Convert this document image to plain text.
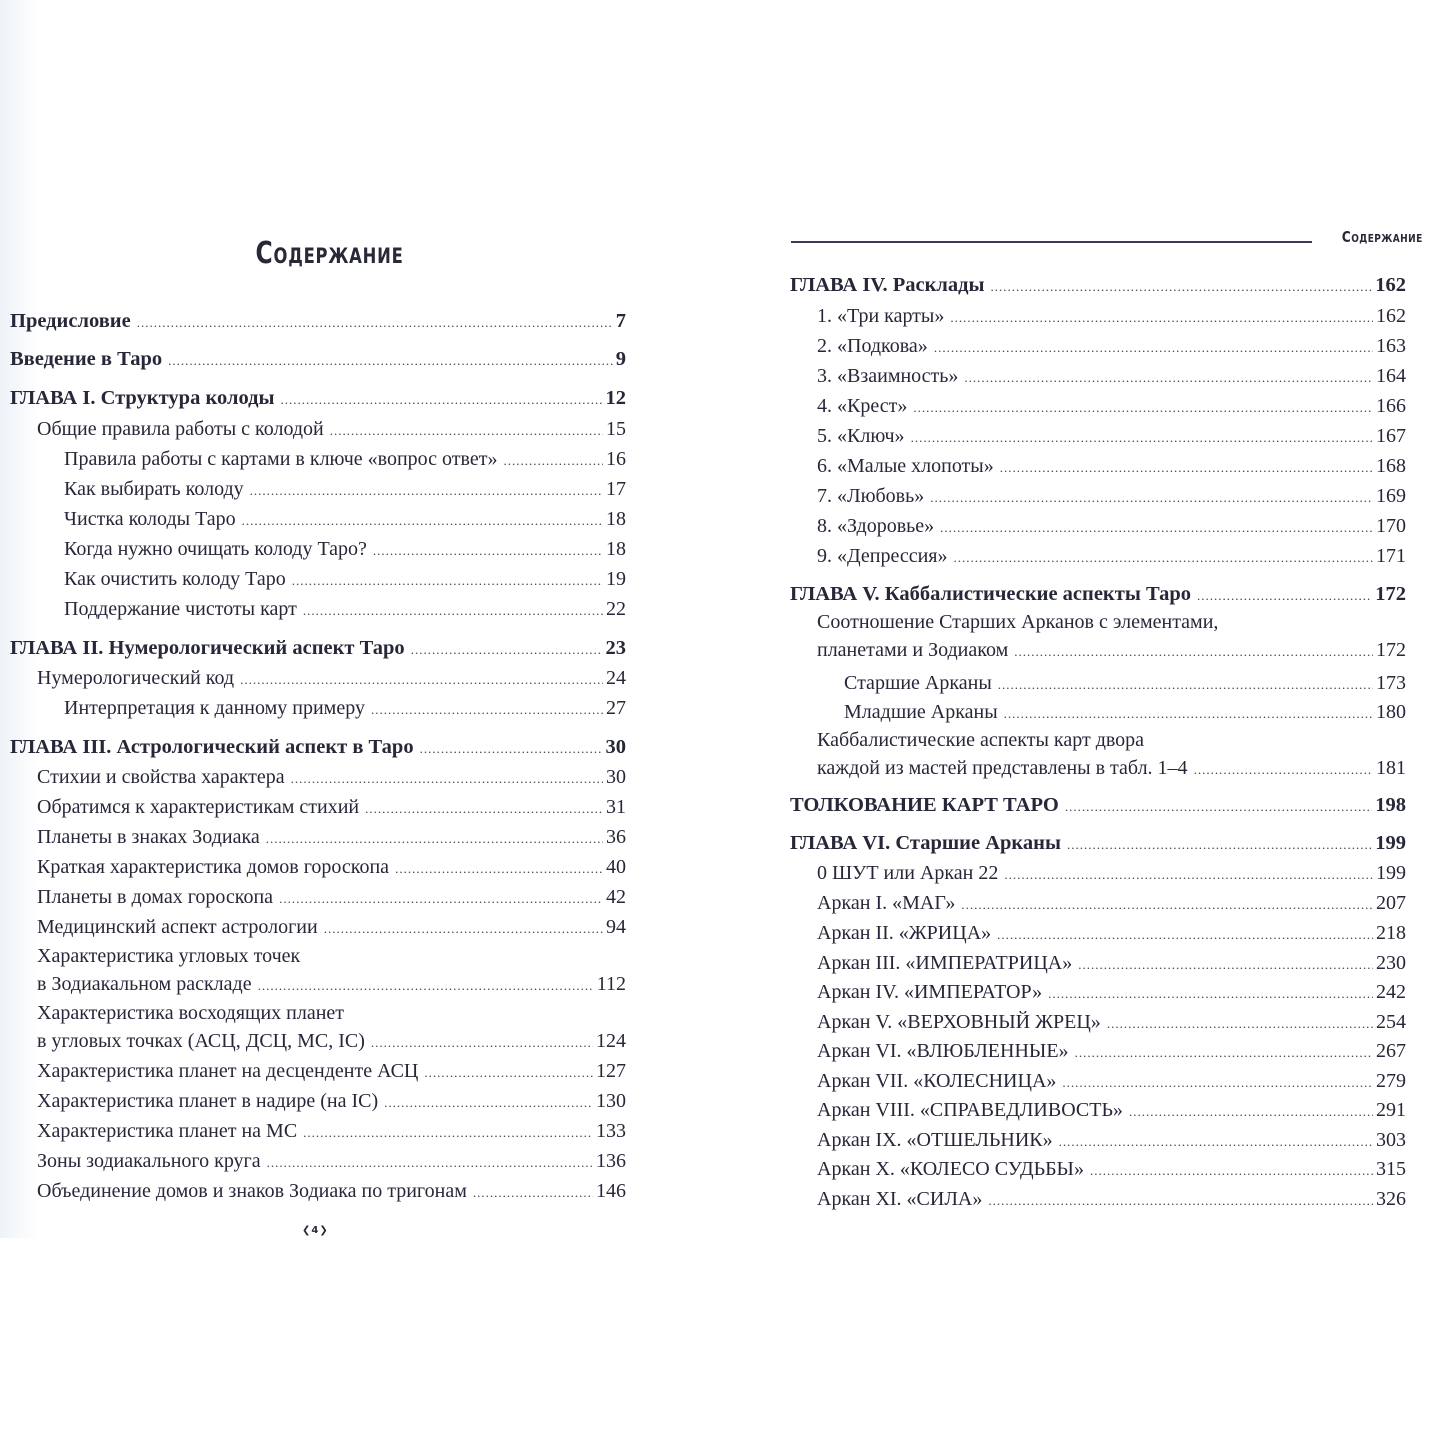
Содержание	Содержание
Предисловие .....	7
Введение в Таро .....	9
ГЛАВА I. Структура колоды .....	12
Общие правила работы с колодой .....	15
Правила работы с картами в ключе «вопрос ответ» .....	16
Как выбирать колоду .....	17
Чистка колоды Таро .....	18
Когда нужно очищать колоду Таро? .....	18
Как очистить колоду Таро .....	19
Поддержание чистоты карт .....	22
ГЛАВА II. Нумерологический аспект Таро .....	23
Нумерологический код .....	24
Интерпретация к данному примеру .....	27
ГЛАВА III. Астрологический аспект в Таро .....	30
Стихии и свойства характера .....	30
Обратимся к характеристикам стихий .....	31
Планеты в знаках Зодиака .....	36
Краткая характеристика домов гороскопа .....	40
Планеты в домах гороскопа .....	42
Медицинский аспект астрологии .....	94
Характеристика угловых точек
в Зодиакальном раскладе .....	112
Характеристика восходящих планет
в угловых точках (АСЦ, ДСЦ, МС, IC) .....	124
Характеристика планет на десценденте АСЦ .....	127
Характеристика планет в надире (на IC) .....	130
Характеристика планет на МС .....	133
Зоны зодиакального круга .....	136
Объединение домов и знаков Зодиака по тригонам .....	146
ГЛАВА IV. Расклады .....	162
1. «Три карты» .....	162
2. «Подкова» .....	163
3. «Взаимность» .....	164
4. «Крест» .....	166
5. «Ключ» .....	167
6. «Малые хлопоты» .....	168
7. «Любовь» .....	169
8. «Здоровье» .....	170
9. «Депрессия» .....	171
ГЛАВА V. Каббалистические аспекты Таро .....	172
Соотношение Старших Арканов с элементами,
планетами и Зодиаком .....	172
Старшие Арканы .....	173
Младшие Арканы .....	180
Каббалистические аспекты карт двора
каждой из мастей представлены в табл. 1–4 .....	181
ТОЛКОВАНИЕ КАРТ ТАРО .....	198
ГЛАВА VI. Старшие Арканы .....	199
0 ШУТ или Аркан 22 .....	199
Аркан I. «МАГ» .....	207
Аркан II. «ЖРИЦА» .....	218
Аркан III. «ИМПЕРАТРИЦА» .....	230
Аркан IV. «ИМПЕРАТОР» .....	242
Аркан V. «ВЕРХОВНЫЙ ЖРЕЦ» .....	254
Аркан VI. «ВЛЮБЛЕННЫЕ» .....	267
Аркан VII. «КОЛЕСНИЦА» .....	279
Аркан VIII. «СПРАВЕДЛИВОСТЬ» .....	291
Аркан IX. «ОТШЕЛЬНИК» .....	303
Аркан X. «КОЛЕСО СУДЬБЫ» .....	315
Аркан XI. «СИЛА» .....	326
❮4❯
